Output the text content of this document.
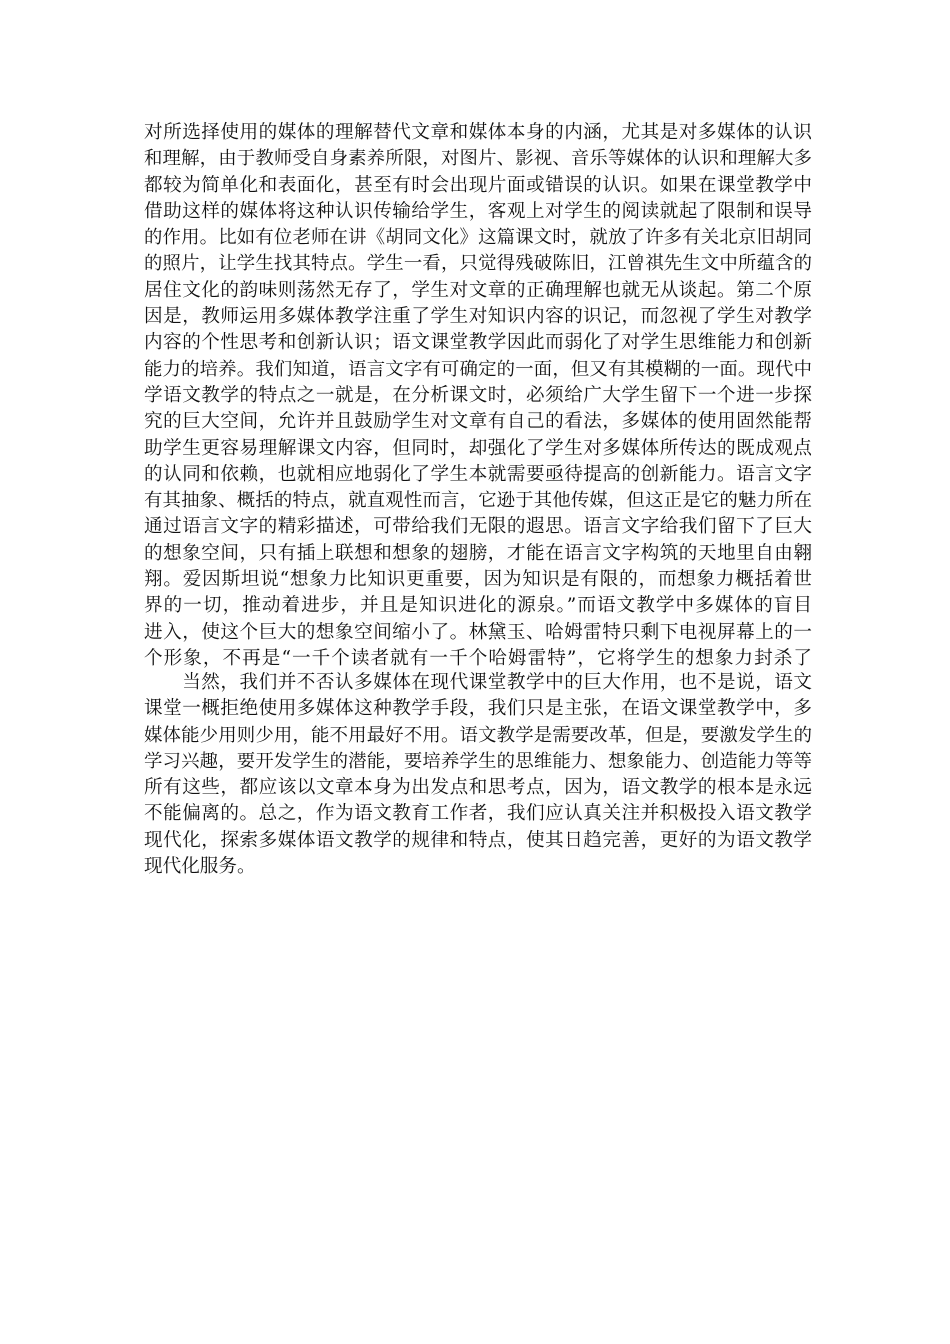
对所选择使用的媒体的理解替代文章和媒体本身的内涵，尤其是对多媒体的认识
和理解，由于教师受自身素养所限，对图片、影视、音乐等媒体的认识和理解大多
都较为简单化和表面化，甚至有时会出现片面或错误的认识。如果在课堂教学中
借助这样的媒体将这种认识传输给学生，客观上对学生的阅读就起了限制和误导
的作用。比如有位老师在讲《胡同文化》这篇课文时，就放了许多有关北京旧胡同
的照片，让学生找其特点。学生一看，只觉得残破陈旧，江曾祺先生文中所蕴含的
居住文化的韵味则荡然无存了，学生对文章的正确理解也就无从谈起。第二个原
因是，教师运用多媒体教学注重了学生对知识内容的识记，而忽视了学生对教学
内容的个性思考和创新认识；语文课堂教学因此而弱化了对学生思维能力和创新
能力的培养。我们知道，语言文字有可确定的一面，但又有其模糊的一面。现代中
学语文教学的特点之一就是，在分析课文时，必须给广大学生留下一个进一步探
究的巨大空间，允许并且鼓励学生对文章有自己的看法，多媒体的使用固然能帮
助学生更容易理解课文内容，但同时，却强化了学生对多媒体所传达的既成观点
的认同和依赖，也就相应地弱化了学生本就需要亟待提高的创新能力。语言文字
有其抽象、概括的特点，就直观性而言，它逊于其他传媒，但这正是它的魅力所在
通过语言文字的精彩描述，可带给我们无限的遐思。语言文字给我们留下了巨大
的想象空间，只有插上联想和想象的翅膀，才能在语言文字构筑的天地里自由翱
翔。爱因斯坦说“想象力比知识更重要，因为知识是有限的，而想象力概括着世
界的一切，推动着进步，并且是知识进化的源泉。”而语文教学中多媒体的盲目
进入，使这个巨大的想象空间缩小了。林黛玉、哈姆雷特只剩下电视屏幕上的一
个形象，不再是“一千个读者就有一千个哈姆雷特”，它将学生的想象力封杀了
　　当然，我们并不否认多媒体在现代课堂教学中的巨大作用，也不是说，语文
课堂一概拒绝使用多媒体这种教学手段，我们只是主张，在语文课堂教学中，多
媒体能少用则少用，能不用最好不用。语文教学是需要改革，但是，要激发学生的
学习兴趣，要开发学生的潜能，要培养学生的思维能力、想象能力、创造能力等等
所有这些，都应该以文章本身为出发点和思考点，因为，语文教学的根本是永远
不能偏离的。总之，作为语文教育工作者，我们应认真关注并积极投入语文教学
现代化，探索多媒体语文教学的规律和特点，使其日趋完善，更好的为语文教学
现代化服务。
